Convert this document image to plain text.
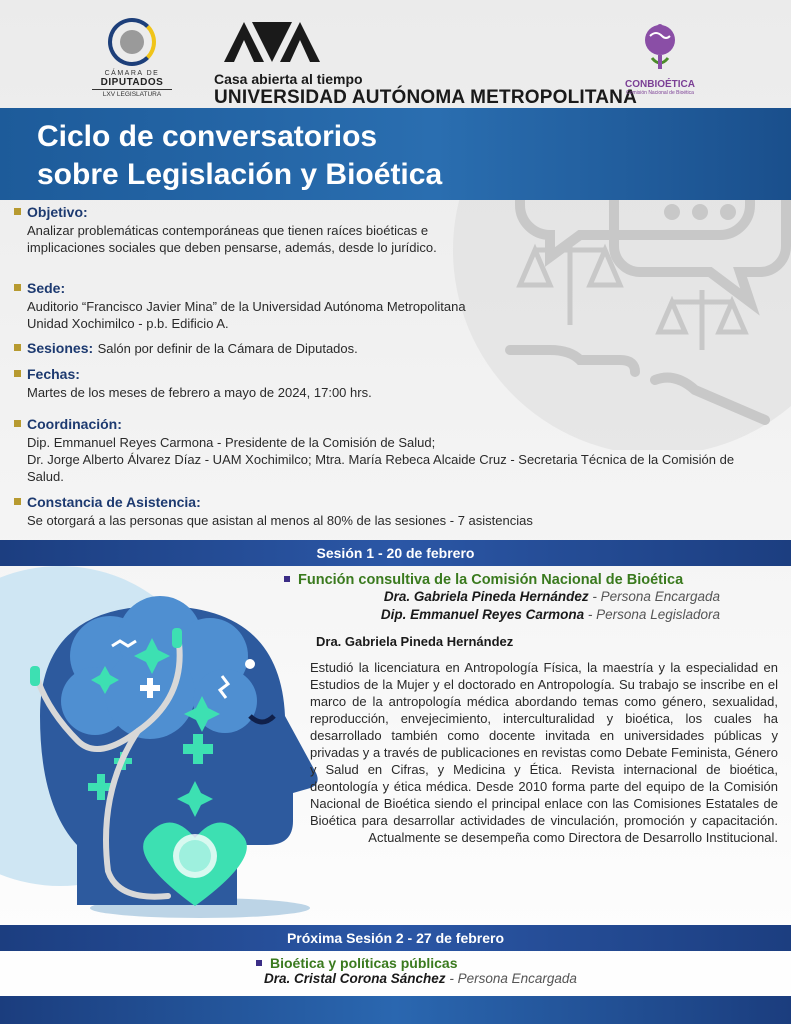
CÁMARA DE
DIPUTADOS
LXV LEGISLATURA
Casa abierta al tiempo
UNIVERSIDAD AUTÓNOMA METROPOLITANA
CONBIOÉTICA
Comisión Nacional de Bioética
Ciclo de conversatorios
sobre Legislación y Bioética
Objetivo:
Analizar problemáticas contemporáneas que tienen raíces bioéticas e implicaciones sociales que deben pensarse, además, desde lo jurídico.
Sede:
Auditorio “Francisco Javier Mina” de la Universidad Autónoma Metropolitana Unidad Xochimilco - p.b. Edificio A.
Sesiones: Salón por definir de la Cámara de Diputados.
Fechas:
Martes de los meses de febrero a mayo de 2024, 17:00 hrs.
Coordinación:
Dip. Emmanuel Reyes Carmona - Presidente de la Comisión de Salud;
Dr. Jorge Alberto Álvarez Díaz - UAM Xochimilco; Mtra. María Rebeca Alcaide Cruz - Secretaria Técnica de la Comisión de Salud.
Constancia de Asistencia:
Se otorgará a las personas que asistan al menos al 80% de las sesiones - 7 asistencias
Sesión 1 - 20 de febrero
Función consultiva de la Comisión Nacional de Bioética
Dra. Gabriela Pineda Hernández - Persona Encargada
Dip. Emmanuel Reyes Carmona - Persona Legisladora
Dra. Gabriela Pineda Hernández
Estudió la licenciatura en Antropología Física, la maestría y la especialidad en Estudios de la Mujer y el doctorado en Antropología. Su trabajo se inscribe en el marco de la antropología médica abordando temas como género, sexualidad, reproducción, envejecimiento, interculturalidad y bioética, los cuales ha desarrollado también como docente invitada en universidades públicas y privadas y a través de publicaciones en revistas como Debate Feminista, Género y Salud en Cifras, y Medicina y Ética. Revista internacional de bioética, deontología y ética médica. Desde 2010 forma parte del equipo de la Comisión Nacional de Bioética siendo el principal enlace con las Comisiones Estatales de Bioética para desarrollar actividades de vinculación, promoción y capacitación. Actualmente se desempeña como Directora de Desarrollo Institucional.
Próxima Sesión 2 - 27 de febrero
Bioética y políticas públicas
Dra. Cristal Corona Sánchez - Persona Encargada
